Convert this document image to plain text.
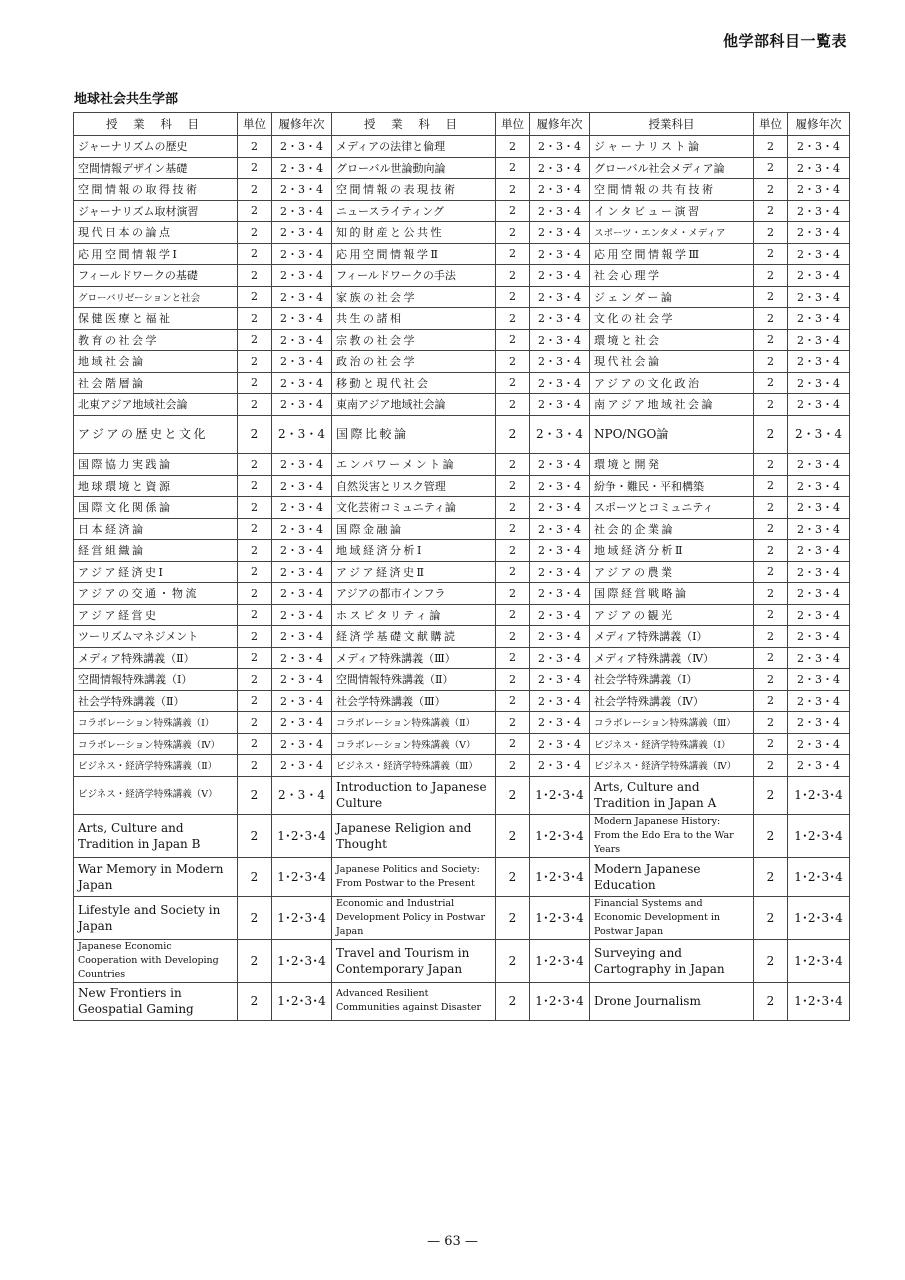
他学部科目一覧表
地球社会共生学部
授 業 科 目	単位	履修年次	授 業 科 目	単位	履修年次	授業科目	単位	履修年次
ジャーナリズムの歴史	2	2・3・4	メディアの法律と倫理	2	2・3・4	ジャーナリスト論	2	2・3・4
空間情報デザイン基礎	2	2・3・4	グローバル世論動向論	2	2・3・4	グローバル社会メディア論	2	2・3・4
空間情報の取得技術	2	2・3・4	空間情報の表現技術	2	2・3・4	空間情報の共有技術	2	2・3・4
ジャーナリズム取材演習	2	2・3・4	ニュースライティング	2	2・3・4	インタビュー演習	2	2・3・4
現代日本の論点	2	2・3・4	知的財産と公共性	2	2・3・4	スポーツ・エンタメ・メディア	2	2・3・4
応用空間情報学Ⅰ	2	2・3・4	応用空間情報学Ⅱ	2	2・3・4	応用空間情報学Ⅲ	2	2・3・4
フィールドワークの基礎	2	2・3・4	フィールドワークの手法	2	2・3・4	社会心理学	2	2・3・4
グローバリゼーションと社会	2	2・3・4	家族の社会学	2	2・3・4	ジェンダー論	2	2・3・4
保健医療と福祉	2	2・3・4	共生の諸相	2	2・3・4	文化の社会学	2	2・3・4
教育の社会学	2	2・3・4	宗教の社会学	2	2・3・4	環境と社会	2	2・3・4
地域社会論	2	2・3・4	政治の社会学	2	2・3・4	現代社会論	2	2・3・4
社会階層論	2	2・3・4	移動と現代社会	2	2・3・4	アジアの文化政治	2	2・3・4
北東アジア地域社会論	2	2・3・4	東南アジア地域社会論	2	2・3・4	南アジア地域社会論	2	2・3・4
アジアの歴史と文化	2	2・3・4	国際比較論	2	2・3・4	NPO/NGO論	2	2・3・4
国際協力実践論	2	2・3・4	エンパワーメント論	2	2・3・4	環境と開発	2	2・3・4
地球環境と資源	2	2・3・4	自然災害とリスク管理	2	2・3・4	紛争・難民・平和構築	2	2・3・4
国際文化関係論	2	2・3・4	文化芸術コミュニティ論	2	2・3・4	スポーツとコミュニティ	2	2・3・4
日本経済論	2	2・3・4	国際金融論	2	2・3・4	社会的企業論	2	2・3・4
経営組織論	2	2・3・4	地域経済分析Ⅰ	2	2・3・4	地域経済分析Ⅱ	2	2・3・4
アジア経済史Ⅰ	2	2・3・4	アジア経済史Ⅱ	2	2・3・4	アジアの農業	2	2・3・4
アジアの交通・物流	2	2・3・4	アジアの都市インフラ	2	2・3・4	国際経営戦略論	2	2・3・4
アジア経営史	2	2・3・4	ホスピタリティ論	2	2・3・4	アジアの観光	2	2・3・4
ツーリズムマネジメント	2	2・3・4	経済学基礎文献購読	2	2・3・4	メディア特殊講義（Ⅰ）	2	2・3・4
メディア特殊講義（Ⅱ）	2	2・3・4	メディア特殊講義（Ⅲ）	2	2・3・4	メディア特殊講義（Ⅳ）	2	2・3・4
空間情報特殊講義（Ⅰ）	2	2・3・4	空間情報特殊講義（Ⅱ）	2	2・3・4	社会学特殊講義（Ⅰ）	2	2・3・4
社会学特殊講義（Ⅱ）	2	2・3・4	社会学特殊講義（Ⅲ）	2	2・3・4	社会学特殊講義（Ⅳ）	2	2・3・4
コラボレーション特殊講義（Ⅰ）	2	2・3・4	コラボレーション特殊講義（Ⅱ）	2	2・3・4	コラボレーション特殊講義（Ⅲ）	2	2・3・4
コラボレーション特殊講義（Ⅳ）	2	2・3・4	コラボレーション特殊講義（Ⅴ）	2	2・3・4	ビジネス・経済学特殊講義（Ⅰ）	2	2・3・4
ビジネス・経済学特殊講義（Ⅱ）	2	2・3・4	ビジネス・経済学特殊講義（Ⅲ）	2	2・3・4	ビジネス・経済学特殊講義（Ⅳ）	2	2・3・4
ビジネス・経済学特殊講義（Ⅴ）	2	2・3・4	Introduction to Japanese Culture	2	1･2･3･4	Arts, Culture and Tradition in Japan A	2	1･2･3･4
Arts, Culture and Tradition in Japan B	2	1･2･3･4	Japanese Religion and Thought	2	1･2･3･4	Modern Japanese History: From the Edo Era to the War Years	2	1･2･3･4
War Memory in Modern Japan	2	1･2･3･4	Japanese Politics and Society: From Postwar to the Present	2	1･2･3･4	Modern Japanese Education	2	1･2･3･4
Lifestyle and Society in Japan	2	1･2･3･4	Economic and Industrial Development Policy in Postwar Japan	2	1･2･3･4	Financial Systems and Economic Development in Postwar Japan	2	1･2･3･4
Japanese Economic Cooperation with Developing Countries	2	1･2･3･4	Travel and Tourism in Contemporary Japan	2	1･2･3･4	Surveying and Cartography in Japan	2	1･2･3･4
New Frontiers in Geospatial Gaming	2	1･2･3･4	Advanced Resilient Communities against Disaster	2	1･2･3･4	Drone Journalism	2	1･2･3･4
— 63 —
